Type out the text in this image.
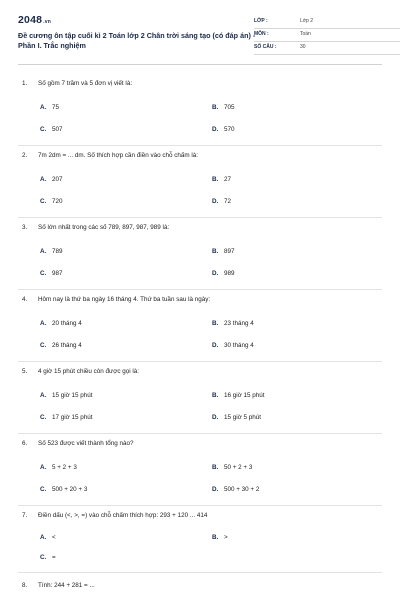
2048.vn
Đề cương ôn tập cuối kì 2 Toán lớp 2 Chân trời sáng tạo (có đáp án) - Phần I. Trắc nghiệm
LỚP :	Lớp 2
MÔN :	Toán
SỐ CÂU :	30
1. Số gồm 7 trăm và 5 đơn vị viết là:
A. 75	B. 705
C. 507	D. 570
2. 7m 2dm = ... dm. Số thích hợp cần điền vào chỗ chấm là:
A. 207	B. 27
C. 720	D. 72
3. Số lớn nhất trong các số 789, 897, 987, 989 là:
A. 789	B. 897
C. 987	D. 989
4. Hôm nay là thứ ba ngày 16 tháng 4. Thứ ba tuần sau là ngày:
A. 20 tháng 4	B. 23 tháng 4
C. 26 tháng 4	D. 30 tháng 4
5. 4 giờ 15 phút chiều còn được gọi là:
A. 15 giờ 15 phút	B. 16 giờ 15 phút
C. 17 giờ 15 phút	D. 15 giờ 5 phút
6. Số 523 được viết thành tổng nào?
A. 5 + 2 + 3	B. 50 + 2 + 3
C. 500 + 20 + 3	D. 500 + 30 + 2
7. Điền dấu (<, >, =) vào chỗ chấm thích hợp: 293 + 120 ... 414
A. <	B. >
C. =
8. Tính: 244 + 281 = ...
